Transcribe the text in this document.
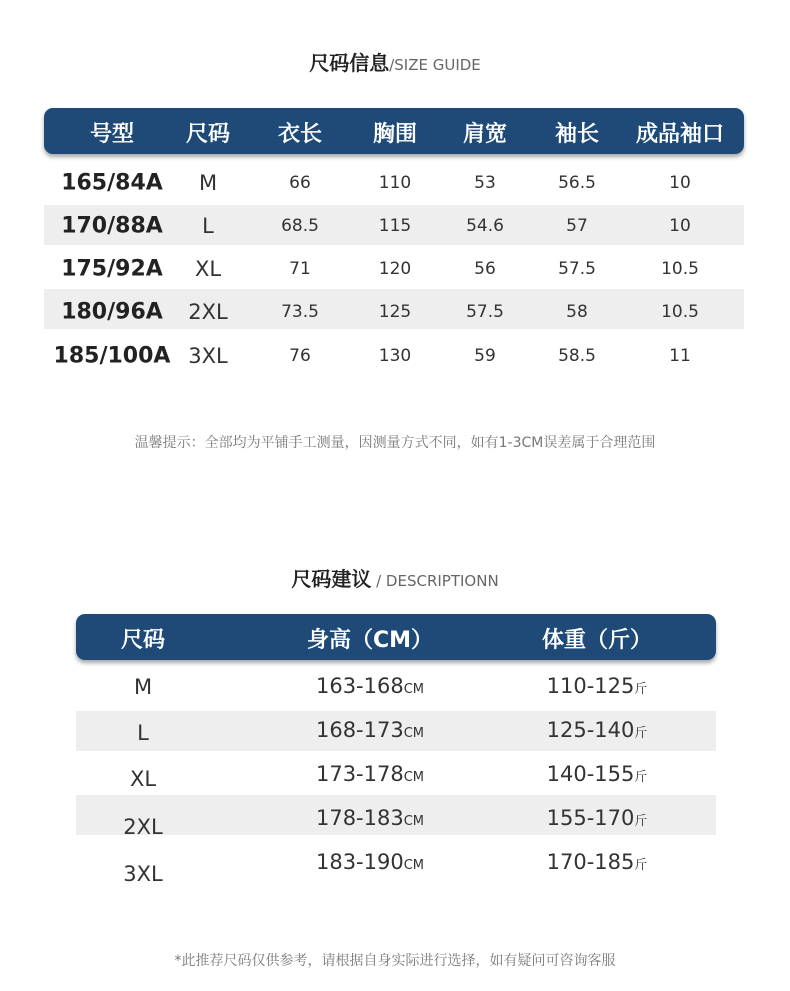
尺码信息/SIZE GUIDE
号型 尺码 衣长 胸围 肩宽 袖长 成品袖口
165/84A M	66	110	53	56.5	10
170/88A L	68.5	115	54.6	57	10
175/92A XL	71	120	56	57.5	10.5
180/96A 2XL	73.5	125	57.5	58	10.5
185/100A 3XL	76	130	59	58.5	11
温馨提示：全部均为平铺手工测量，因测量方式不同，如有1-3CM误差属于合理范围
尺码建议 / DESCRIPTIONN
尺码	身高（CM）	体重（斤）
M	163-168CM	110-125斤
L	168-173CM	125-140斤
XL	173-178CM	140-155斤
2XL	178-183CM	155-170斤
3XL	183-190CM	170-185斤
*此推荐尺码仅供参考，请根据自身实际进行选择，如有疑问可咨询客服
